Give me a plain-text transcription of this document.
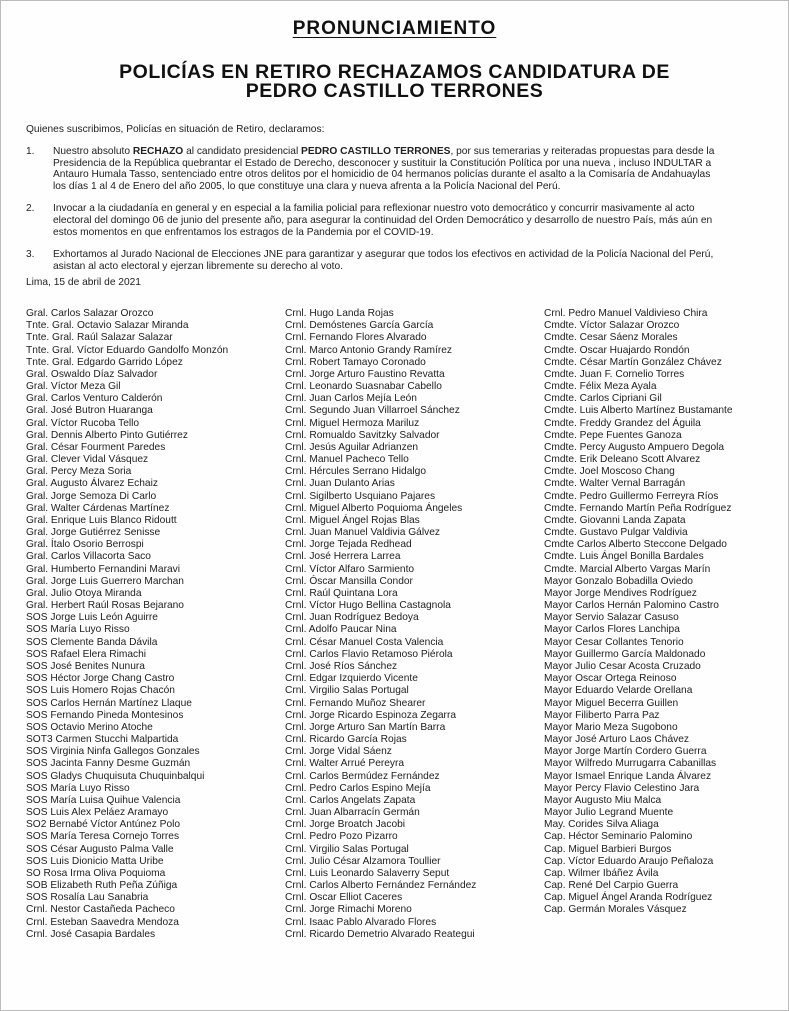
PRONUNCIAMIENTO
POLICÍAS EN RETIRO RECHAZAMOS CANDIDATURA DE
PEDRO CASTILLO TERRONES
Quienes suscribimos, Policías en situación de Retiro, declaramos:
1.	Nuestro absoluto RECHAZO al candidato presidencial PEDRO CASTILLO TERRONES, por sus temerarias y reiteradas propuestas para desde la
Presidencia de la República quebrantar el Estado de Derecho, desconocer y sustituir la Constitución Política por una nueva , incluso INDULTAR a
Antauro Humala Tasso, sentenciado entre otros delitos por el homicidio de 04 hermanos policías durante el asalto a la Comisaría de Andahuaylas
los días 1 al 4 de Enero del año 2005, lo que constituye una clara y nueva afrenta a la Policía Nacional del Perú.
2.	Invocar a la ciudadanía en general y en especial a la familia policial para reflexionar nuestro voto democrático y concurrir masivamente al acto
electoral del domingo 06 de junio del presente año, para asegurar la continuidad del Orden Democrático y desarrollo de nuestro País, más aún en
estos momentos en que enfrentamos los estragos de la Pandemia por el COVID-19.
3.	Exhortamos al Jurado Nacional de Elecciones JNE para garantizar y asegurar que todos los efectivos en actividad de la Policía Nacional del Perú,
asistan al acto electoral y ejerzan libremente su derecho al voto.
Lima, 15 de abril de 2021
Gral. Carlos Salazar Orozco
Tnte. Gral. Octavio Salazar Miranda
Tnte. Gral. Raúl Salazar Salazar
Tnte. Gral. Víctor Eduardo Gandolfo Monzón
Tnte. Gral. Edgardo Garrido López
Gral. Oswaldo Díaz Salvador
Gral. Víctor Meza Gil
Gral. Carlos Venturo Calderón
Gral. José Butron Huaranga
Gral. Víctor Rucoba Tello
Gral. Dennis Alberto Pinto Gutiérrez
Gral. César Fourment Paredes
Gral. Clever Vidal Vásquez
Gral. Percy Meza Soria
Gral. Augusto Álvarez Echaiz
Gral. Jorge Semoza Di Carlo
Gral. Walter Cárdenas Martínez
Gral. Enrique Luis Blanco Ridoutt
Gral. Jorge Gutiérrez Senisse
Gral. Ítalo Osorio Berrospi
Gral. Carlos Villacorta Saco
Gral. Humberto Fernandini Maravi
Gral. Jorge Luis Guerrero Marchan
Gral. Julio Otoya Miranda
Gral. Herbert Raúl Rosas Bejarano
SOS Jorge Luis León Aguirre
SOS María Luyo Risso
SOS Clemente Banda Dávila
SOS Rafael Elera Rimachi
SOS José Benites Nunura
SOS Héctor Jorge Chang Castro
SOS Luis Homero Rojas Chacón
SOS Carlos Hernán Martínez Llaque
SOS Fernando Pineda Montesinos
SOS Octavio Merino Atoche
SOT3 Carmen Stucchi Malpartida
SOS Virginia Ninfa Gallegos Gonzales
SOS Jacinta Fanny Desme Guzmán
SOS Gladys Chuquisuta Chuquinbalqui
SOS María Luyo Risso
SOS María Luisa Quihue Valencia
SOS Luis Alex Peláez Aramayo
SO2 Bernabé Víctor Antúnez Polo
SOS María Teresa Cornejo Torres
SOS César Augusto Palma Valle
SOS Luis Dionicio Matta Uribe
SO Rosa Irma Oliva Poquioma
SOB Elizabeth Ruth Peña Zúñiga
SOS Rosalía Lau Sanabria
Crnl. Nestor Castañeda Pacheco
Crnl. Esteban Saavedra Mendoza
Crnl. José Casapia Bardales
Crnl. Hugo Landa Rojas
Crnl. Demóstenes García García
Crnl. Fernando Flores Alvarado
Crnl. Marco Antonio Grandy Ramírez
Crnl. Robert Tamayo Coronado
Crnl. Jorge Arturo Faustino Revatta
Crnl. Leonardo Suasnabar Cabello
Crnl. Juan Carlos Mejía León
Crnl. Segundo Juan Villarroel Sánchez
Crnl. Miguel Hermoza Mariluz
Crnl. Romualdo Savitzky Salvador
Crnl. Jesús Aguilar Adrianzen
Crnl. Manuel Pacheco Tello
Crnl. Hércules Serrano Hidalgo
Crnl. Juan Dulanto Arias
Crnl. Sigilberto Usquiano Pajares
Crnl. Miguel Alberto Poquioma Ángeles
Crnl. Miguel Ángel Rojas Blas
Crnl. Juan Manuel Valdivia Gálvez
Crnl. Jorge Tejada Redhead
Crnl. José Herrera Larrea
Crnl. Víctor Alfaro Sarmiento
Crnl. Óscar Mansilla Condor
Crnl. Raúl Quintana Lora
Crnl. Víctor Hugo Bellina Castagnola
Crnl. Juan Rodríguez Bedoya
Crnl. Adolfo Paucar Nina
Crnl. César Manuel Costa Valencia
Crnl. Carlos Flavio Retamoso Piérola
Crnl. José Ríos Sánchez
Crnl. Edgar Izquierdo Vicente
Crnl. Virgilio Salas Portugal
Crnl. Fernando Muñoz Shearer
Crnl. Jorge Ricardo Espinoza Zegarra
Crnl. Jorge Arturo San Martín Barra
Crnl. Ricardo García Rojas
Crnl. Jorge Vidal Sáenz
Crnl. Walter Arrué Pereyra
Crnl. Carlos Bermúdez Fernández
Crnl. Pedro Carlos Espino Mejía
Crnl. Carlos Angelats Zapata
Crnl. Juan Albarracín Germán
Crnl. Jorge Broatch Jacobi
Crnl. Pedro Pozo Pizarro
Crnl. Virgilio Salas Portugal
Crnl. Julio César Alzamora Toullier
Crnl. Luis Leonardo Salaverry Seput
Crnl. Carlos Alberto Fernández Fernández
Crnl. Oscar Elliot Caceres
Crnl. Jorge Rimachi Moreno
Crnl. Isaac Pablo Alvarado Flores
Crnl. Ricardo Demetrio Alvarado Reategui
Crnl. Pedro Manuel Valdivieso Chira
Cmdte. Víctor Salazar Orozco
Cmdte. Cesar Sáenz Morales
Cmdte. Oscar Huajardo Rondón
Cmdte. César Martín González Chávez
Cmdte. Juan F. Cornelio Torres
Cmdte. Félix Meza Ayala
Cmdte. Carlos Cipriani Gil
Cmdte. Luis Alberto Martínez Bustamante
Cmdte. Freddy Grandez del Águila
Cmdte. Pepe Fuentes Ganoza
Cmdte. Percy Augusto Ampuero Degola
Cmdte. Erik Deleano Scott Alvarez
Cmdte. Joel Moscoso Chang
Cmdte. Walter Vernal Barragán
Cmdte. Pedro Guillermo Ferreyra Ríos
Cmdte. Fernando Martín Peña Rodríguez
Cmdte. Giovanni Landa Zapata
Cmdte. Gustavo Pulgar Valdivia
Cmdte Carlos Alberto Steccone Delgado
Cmdte. Luis Ángel Bonilla Bardales
Cmdte. Marcial Alberto Vargas Marín
Mayor Gonzalo Bobadilla Oviedo
Mayor Jorge Mendives Rodríguez
Mayor Carlos Hernán Palomino Castro
Mayor Servio Salazar Casuso
Mayor Carlos Flores Lanchipa
Mayor Cesar Collantes Tenorio
Mayor Guillermo García Maldonado
Mayor Julio Cesar Acosta Cruzado
Mayor Oscar Ortega Reinoso
Mayor Eduardo Velarde Orellana
Mayor Miguel Becerra Guillen
Mayor Filiberto Parra Paz
Mayor Mario Meza Sugobono
Mayor José Arturo Laos Chávez
Mayor Jorge Martín Cordero Guerra
Mayor Wilfredo Murrugarra Cabanillas
Mayor Ismael Enrique Landa Álvarez
Mayor Percy Flavio Celestino Jara
Mayor Augusto Miu Malca
Mayor Julio Legrand Muente
May. Corides Silva Aliaga
Cap. Héctor Seminario Palomino
Cap. Miguel Barbieri Burgos
Cap. Víctor Eduardo Araujo Peñaloza
Cap. Wilmer Ibáñez Ávila
Cap. René Del Carpio Guerra
Cap. Miguel Ángel Aranda Rodríguez
Cap. Germán Morales Vásquez
